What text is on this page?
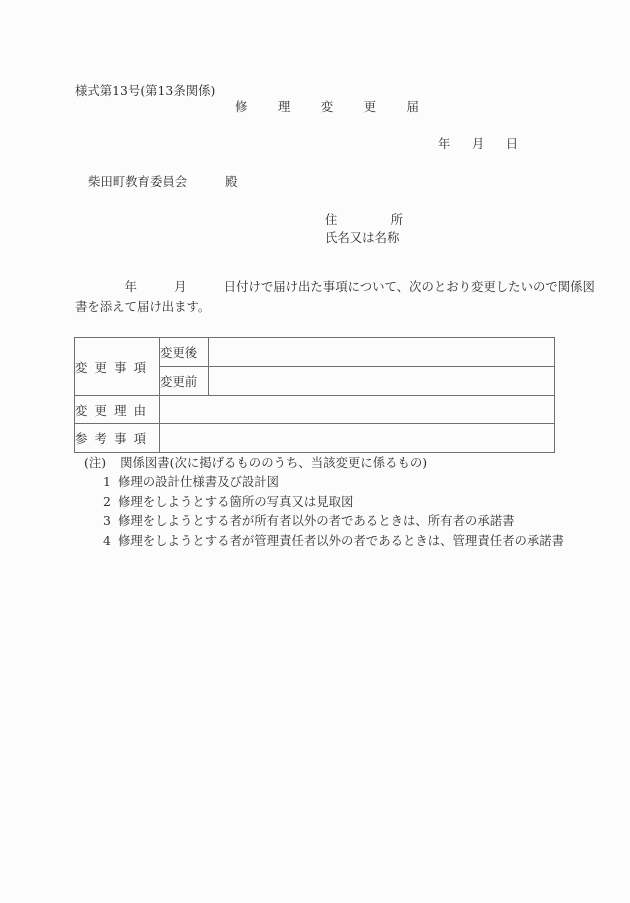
様式第13号(第13条関係)
修理変更届
年 月 日
柴田町教育委員会	殿
住所
氏名又は名称
　　　　年　　　月　　　日付けで届け出た事項について、次のとおり変更したいので関係図
書を添えて届け出ます。
変更事項	変更後	
	変更前	
変更理由		
参考事項		
(注) 関係図書(次に掲げるもののうち、当該変更に係るもの)
1 修理の設計仕様書及び設計図
2 修理をしようとする箇所の写真又は見取図
3 修理をしようとする者が所有者以外の者であるときは、所有者の承諾書
4 修理をしようとする者が管理責任者以外の者であるときは、管理責任者の承諾書
